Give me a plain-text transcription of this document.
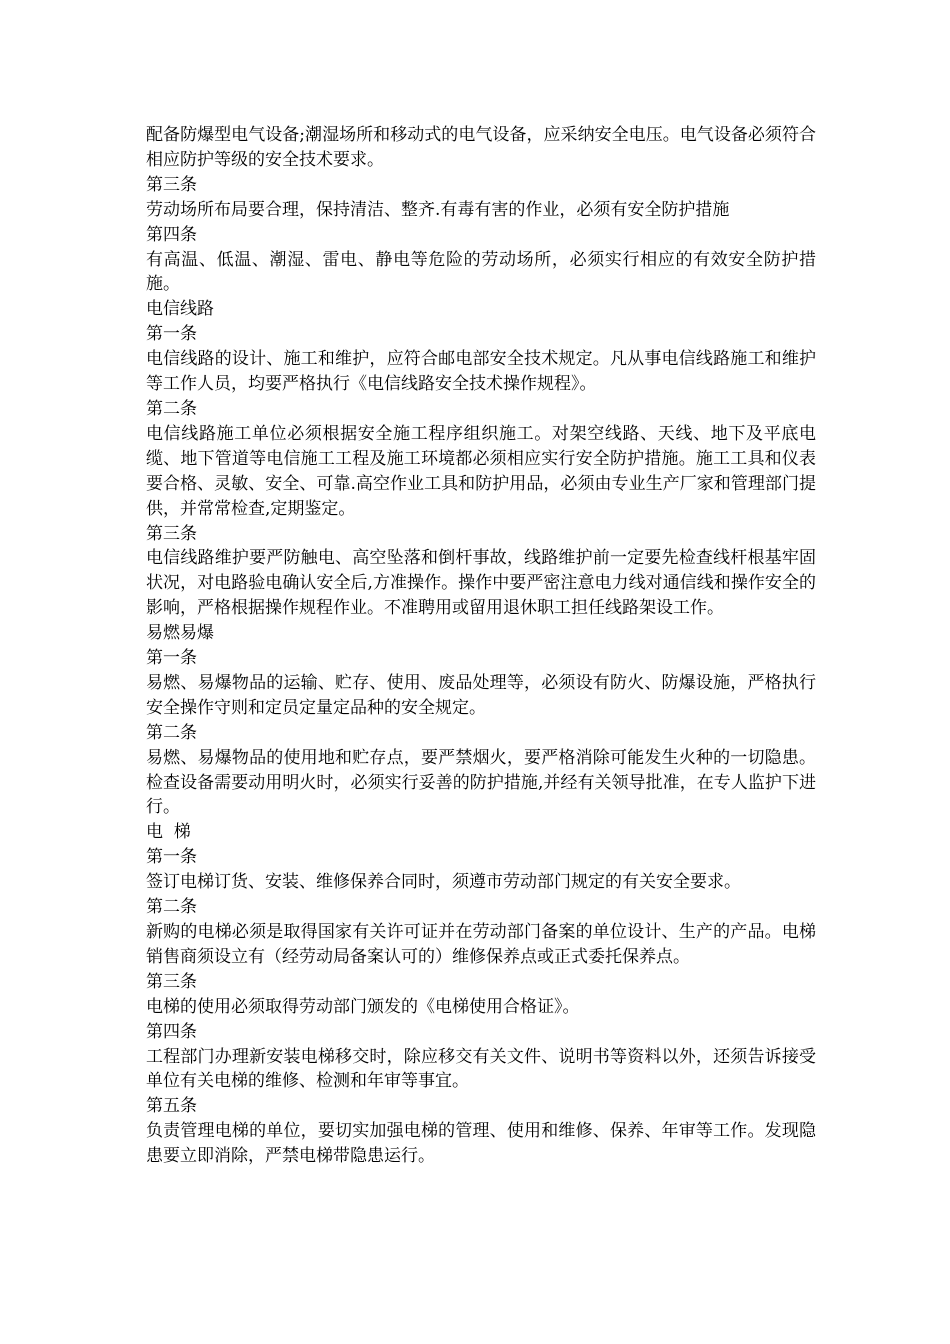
配备防爆型电气设备;潮湿场所和移动式的电气设备，应采纳安全电压。电气设备必须符合相应防护等级的安全技术要求。

第三条

劳动场所布局要合理，保持清洁、整齐.有毒有害的作业，必须有安全防护措施

第四条

有高温、低温、潮湿、雷电、静电等危险的劳动场所，必须实行相应的有效安全防护措施。

电信线路

第一条

电信线路的设计、施工和维护，应符合邮电部安全技术规定。凡从事电信线路施工和维护等工作人员，均要严格执行《电信线路安全技术操作规程》。

第二条

电信线路施工单位必须根据安全施工程序组织施工。对架空线路、天线、地下及平底电缆、地下管道等电信施工工程及施工环境都必须相应实行安全防护措施。施工工具和仪表要合格、灵敏、安全、可靠.高空作业工具和防护用品，必须由专业生产厂家和管理部门提供，并常常检查,定期鉴定。

第三条

电信线路维护要严防触电、高空坠落和倒杆事故，线路维护前一定要先检查线杆根基牢固状况，对电路验电确认安全后,方准操作。操作中要严密注意电力线对通信线和操作安全的影响，严格根据操作规程作业。不准聘用或留用退休职工担任线路架设工作。

易燃易爆

第一条

易燃、易爆物品的运输、贮存、使用、废品处理等，必须设有防火、防爆设施，严格执行安全操作守则和定员定量定品种的安全规定。

第二条

易燃、易爆物品的使用地和贮存点，要严禁烟火，要严格消除可能发生火种的一切隐患。检查设备需要动用明火时，必须实行妥善的防护措施,并经有关领导批准，在专人监护下进行。

电  梯

第一条

签订电梯订货、安装、维修保养合同时，须遵市劳动部门规定的有关安全要求。

第二条

新购的电梯必须是取得国家有关许可证并在劳动部门备案的单位设计、生产的产品。电梯销售商须设立有（经劳动局备案认可的）维修保养点或正式委托保养点。

第三条

电梯的使用必须取得劳动部门颁发的《电梯使用合格证》。

第四条

工程部门办理新安装电梯移交时，除应移交有关文件、说明书等资料以外，还须告诉接受单位有关电梯的维修、检测和年审等事宜。

第五条

负责管理电梯的单位，要切实加强电梯的管理、使用和维修、保养、年审等工作。发现隐患要立即消除，严禁电梯带隐患运行。
